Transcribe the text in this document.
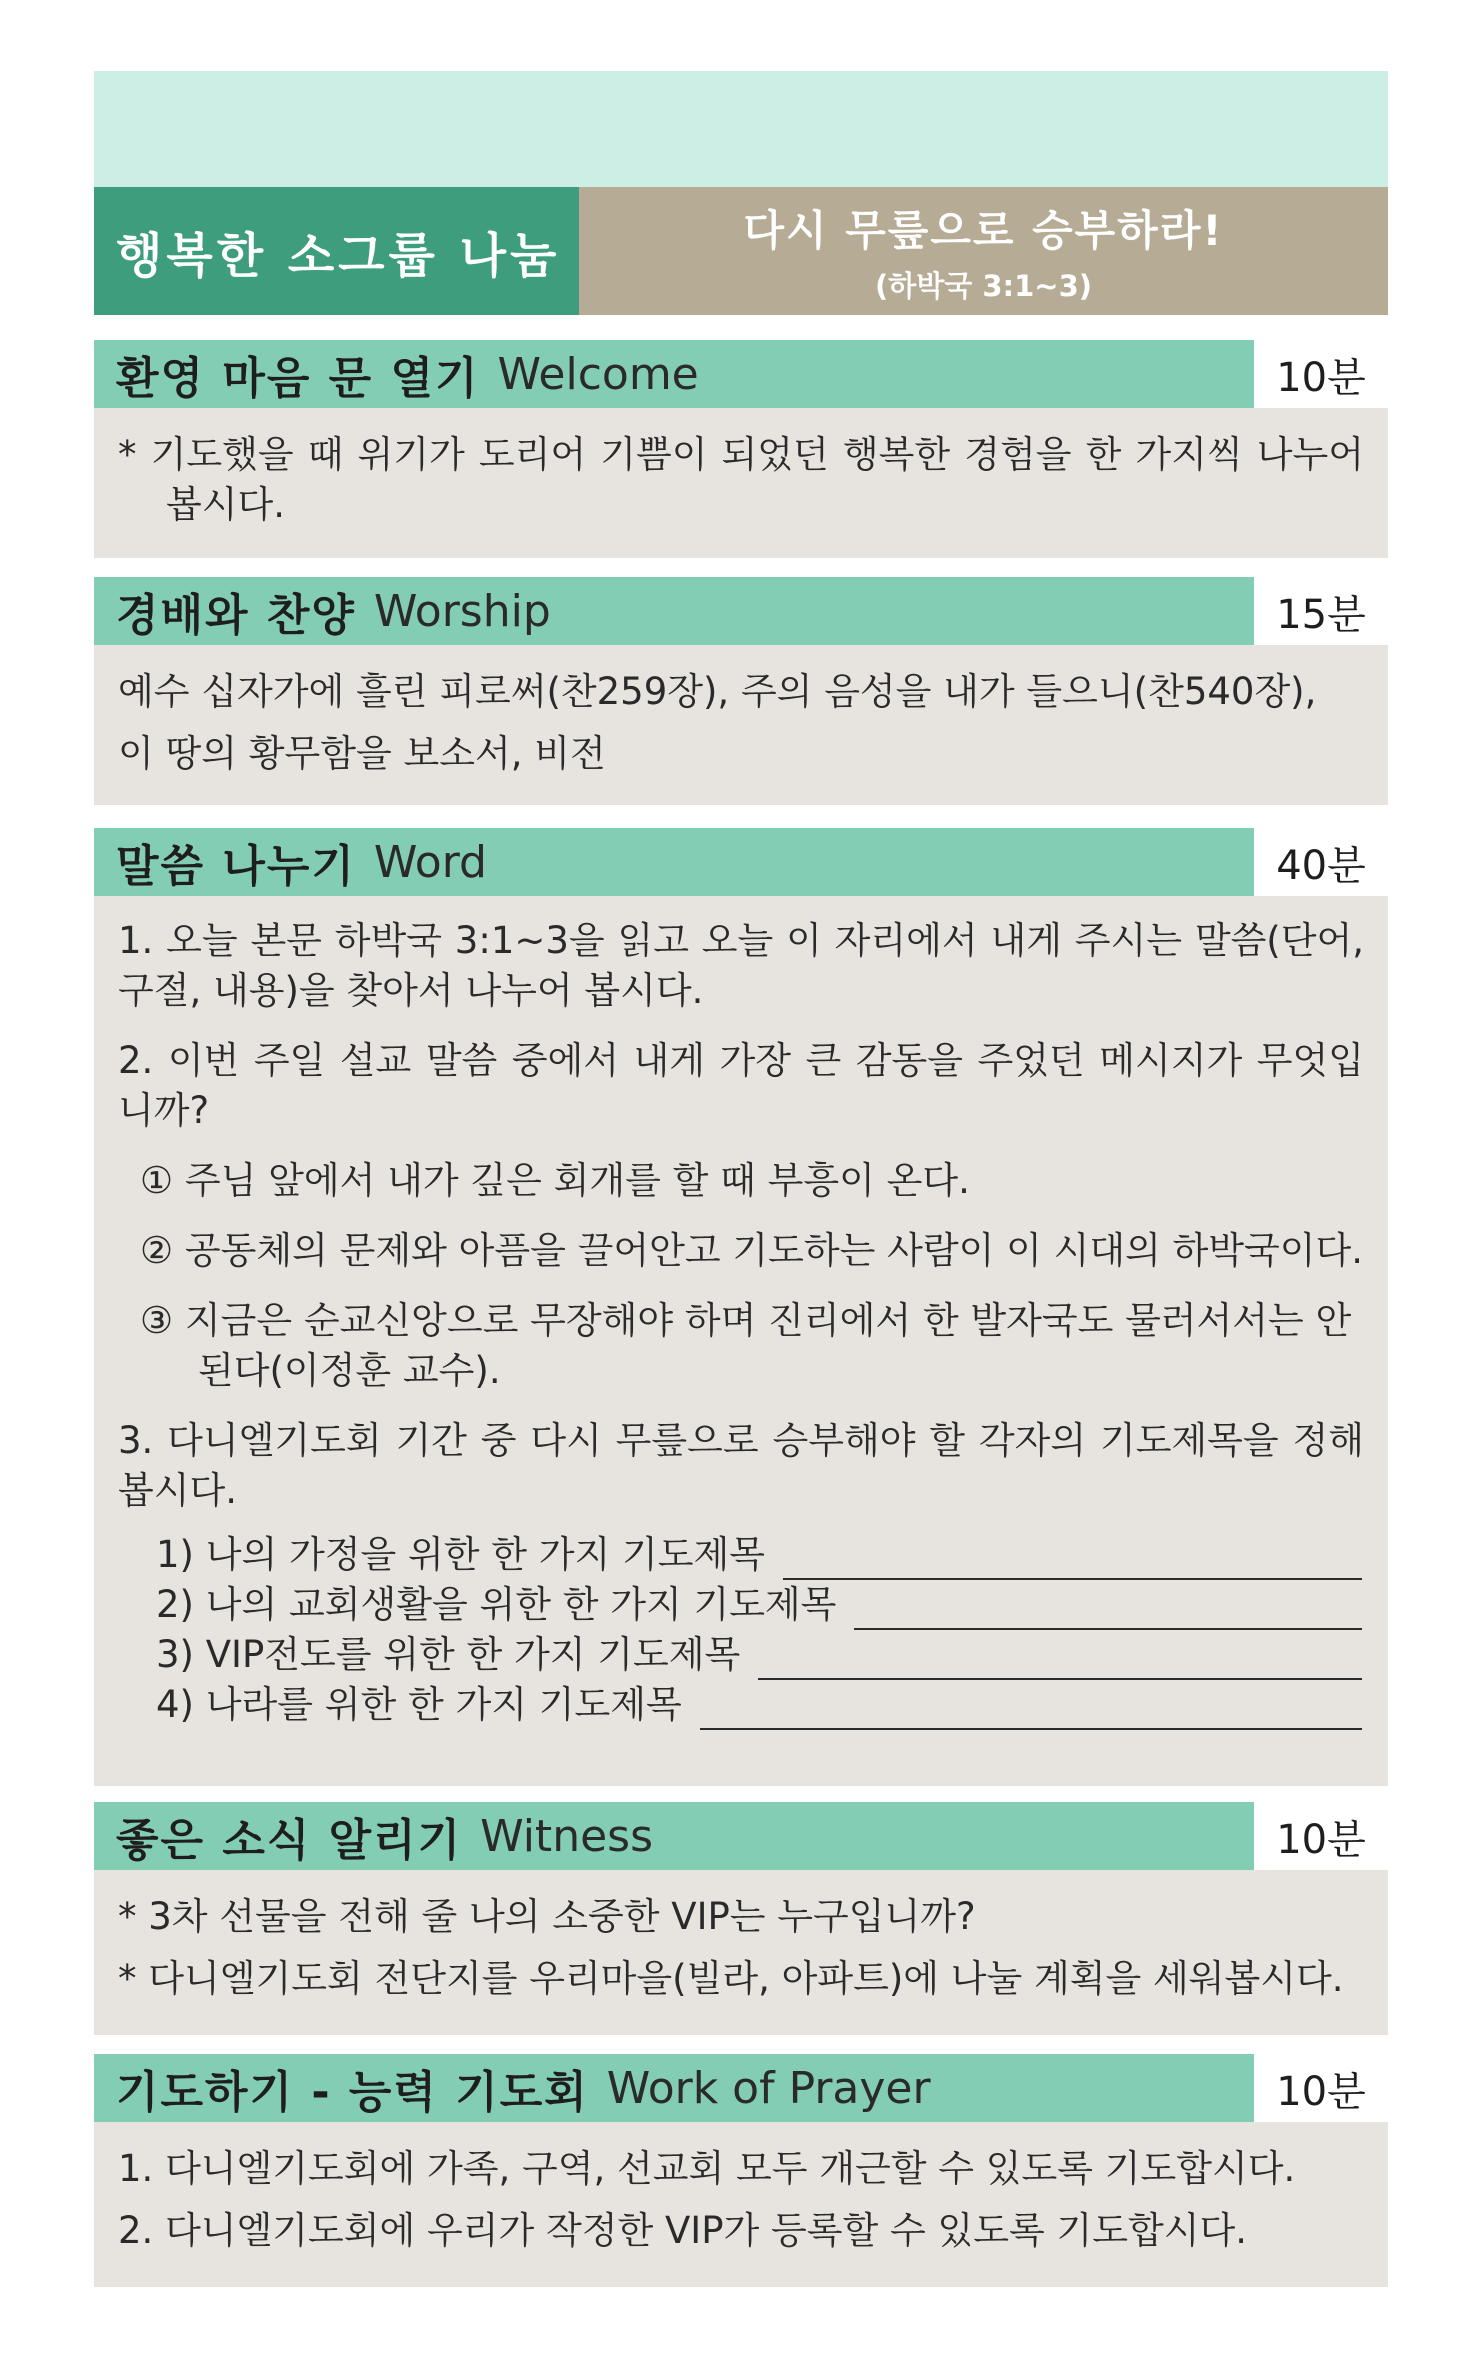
행복한 소그룹 나눔	다시 무릎으로 승부하라!
(하박국 3:1~3)
환영 마음 문 열기 Welcome	10분
* 기도했을 때 위기가 도리어 기쁨이 되었던 행복한 경험을 한 가지씩 나누어 봅시다.
경배와 찬양 Worship	15분
예수 십자가에 흘린 피로써(찬259장), 주의 음성을 내가 들으니(찬540장),
이 땅의 황무함을 보소서, 비전
말씀 나누기 Word	40분
1. 오늘 본문 하박국 3:1~3을 읽고 오늘 이 자리에서 내게 주시는 말씀(단어, 구절, 내용)을 찾아서 나누어 봅시다.
2. 이번 주일 설교 말씀 중에서 내게 가장 큰 감동을 주었던 메시지가 무엇입니까?
① 주님 앞에서 내가 깊은 회개를 할 때 부흥이 온다.
② 공동체의 문제와 아픔을 끌어안고 기도하는 사람이 이 시대의 하박국이다.
③ 지금은 순교신앙으로 무장해야 하며 진리에서 한 발자국도 물러서서는 안된다(이정훈 교수).
3. 다니엘기도회 기간 중 다시 무릎으로 승부해야 할 각자의 기도제목을 정해 봅시다.
1) 나의 가정을 위한 한 가지 기도제목
2) 나의 교회생활을 위한 한 가지 기도제목
3) VIP전도를 위한 한 가지 기도제목
4) 나라를 위한 한 가지 기도제목
좋은 소식 알리기 Witness	10분
* 3차 선물을 전해 줄 나의 소중한 VIP는 누구입니까?
* 다니엘기도회 전단지를 우리마을(빌라, 아파트)에 나눌 계획을 세워봅시다.
기도하기 - 능력 기도회 Work of Prayer	10분
1. 다니엘기도회에 가족, 구역, 선교회 모두 개근할 수 있도록 기도합시다.
2. 다니엘기도회에 우리가 작정한 VIP가 등록할 수 있도록 기도합시다.
